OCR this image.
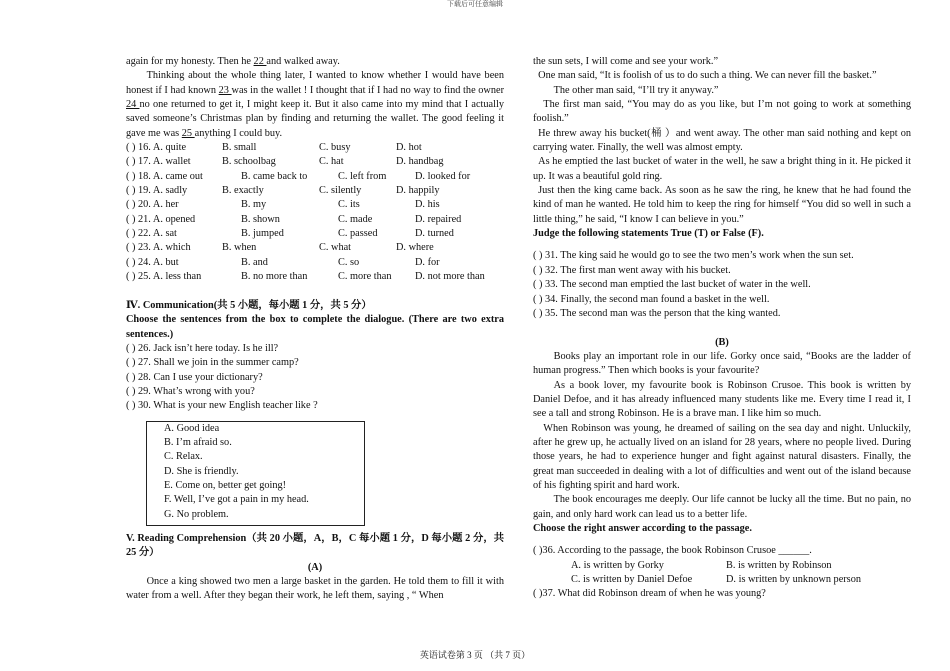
下载后可任意编辑

again for my honesty. Then he 22 and walked away.

Thinking about the whole thing later, I wanted to know whether I would have been honest if I had known 23 was in the wallet ! I thought that if I had no way to find the owner 24 no one returned to get it, I might keep it. But it also came into my mind that I actually saved someone’s Christmas plan by finding and returning the wallet. The good feeling it gave me was 25 anything I could buy.

( ) 16. A. quite	B. small	C. busy	D. hot
( ) 17. A. wallet	B. schoolbag	C. hat	D. handbag
( ) 18. A. came out	B. came back to	C. left from	D. looked for
( ) 19. A. sadly	B. exactly	C. silently	D. happily
( ) 20. A. her	B. my	C. its	D. his
( ) 21. A. opened	B. shown	C. made	D. repaired
( ) 22. A. sat	B. jumped	C. passed	D. turned
( ) 23. A. which	B. when	C. what	D. where
( ) 24. A. but	B. and	C. so	D. for
( ) 25. A. less than	B. no more than	C. more than D. not more than

Ⅳ. Communication(共 5 小题，每小题 1 分，共 5 分）

Choose the sentences from the box to complete the dialogue. (There are two extra sentences.)

( ) 26. Jack isn’t here today. Is he ill?

( ) 27. Shall we join in the summer camp?

( ) 28. Can I use your dictionary?

( ) 29. What’s wrong with you?

( ) 30. What is your new English teacher like ?

A. Good idea
B. I’m afraid so.
C. Relax.
D. She is friendly.
E. Come on, better get going!
F. Well, I’ve got a pain in my head.
G. No problem.

V. Reading Comprehension（共 20 小题，A，B，C 每小题 1 分，D 每小题 2 分，共 25 分）

(A)

Once a king showed two men a large basket in the garden. He told them to fill it with water from a well. After they began their work, he left them, saying , “ When

the sun sets, I will come and see your work.”

One man said, “It is foolish of us to do such a thing. We can never fill the basket.”

The other man said, “I’ll try it anyway.”

The first man said, “You may do as you like, but I’m not going to work at something foolish.”

He threw away his bucket(桶 ）and went away. The other man said nothing and kept on carrying water. Finally, the well was almost empty.

As he emptied the last bucket of water in the well, he saw a bright thing in it. He picked it up. It was a beautiful gold ring.

Just then the king came back. As soon as he saw the ring, he knew that he had found the kind of man he wanted. He told him to keep the ring for himself “You did so well in such a little thing,” he said, “I know I can believe in you.”

Judge the following statements True (T) or False (F).

( ) 31. The king said he would go to see the two men’s work when the sun set.

( ) 32. The first man went away with his bucket.

( ) 33. The second man emptied the last bucket of water in the well.

( ) 34. Finally, the second man found a basket in the well.

( ) 35. The second man was the person that the king wanted.

(B)

Books play an important role in our life. Gorky once said, “Books are the ladder of human progress.” Then which books is your favourite?

As a book lover, my favourite book is Robinson Crusoe. This book is written by Daniel Defoe, and it has already influenced many students like me. Every time I read it, I see a tall and strong Robinson. He is a brave man. I like him so much.

When Robinson was young, he dreamed of sailing on the sea day and night. Unluckily, after he grew up, he actually lived on an island for 28 years, where no people lived. During those years, he had to experience hunger and fight against natural disasters. Finally, the great man succeeded in dealing with a lot of difficulties and went out of the island because of his fighting spirit and hard work.

The book encourages me deeply. Our life cannot be lucky all the time. But no pain, no gain, and only hard work can lead us to a better life.

Choose the right answer according to the passage.

( )36. According to the passage, the book Robinson Crusoe ______.

A. is written by Gorky	B. is written by Robinson
C. is written by Daniel Defoe	D. is written by unknown person

( )37. What did Robinson dream of when he was young?

英语试卷第 3 页 （共 7 页）
